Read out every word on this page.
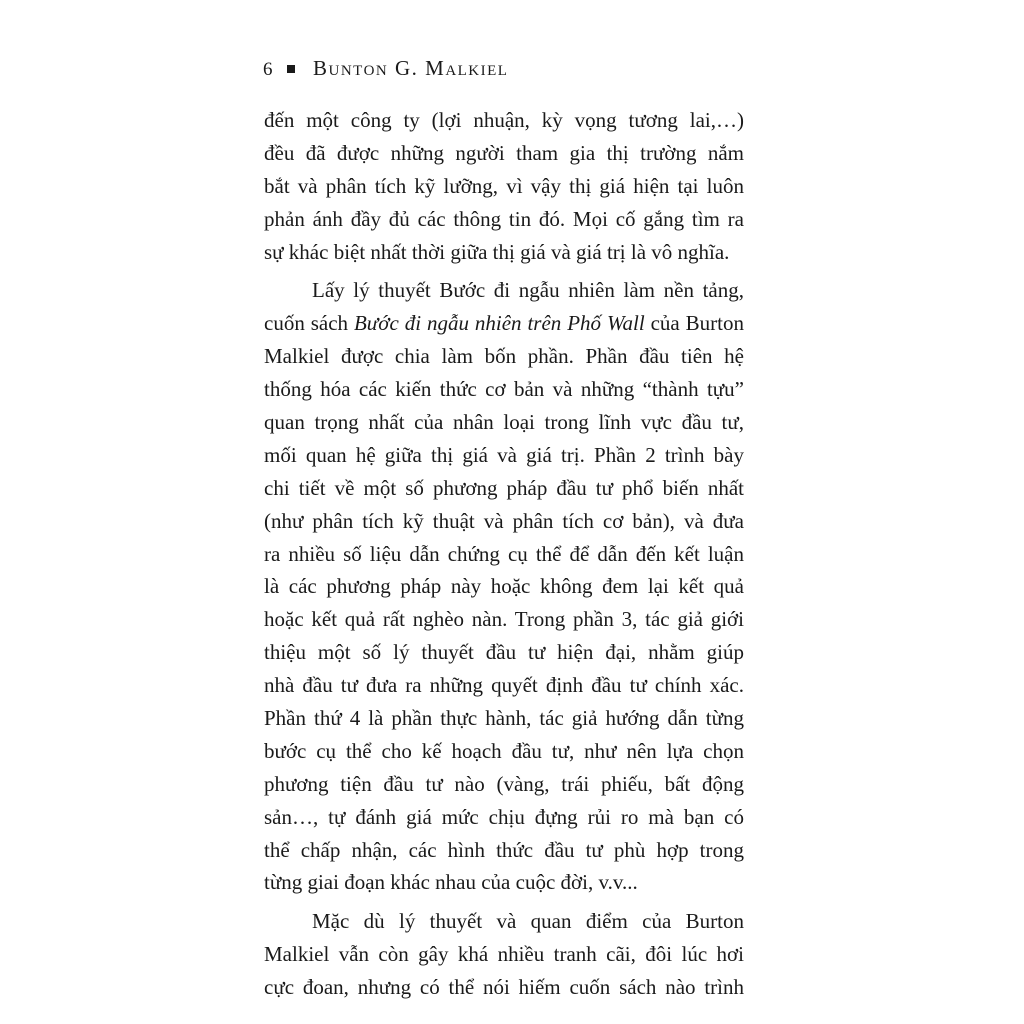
6 Bunton G. Malkiel
đến một công ty (lợi nhuận, kỳ vọng tương lai,…)
đều đã được những người tham gia thị trường nắm
bắt và phân tích kỹ lưỡng, vì vậy thị giá hiện tại luôn
phản ánh đầy đủ các thông tin đó. Mọi cố gắng tìm ra
sự khác biệt nhất thời giữa thị giá và giá trị là vô nghĩa.
Lấy lý thuyết Bước đi ngẫu nhiên làm nền tảng,
cuốn sách Bước đi ngẫu nhiên trên Phố Wall của Burton
Malkiel được chia làm bốn phần. Phần đầu tiên hệ
thống hóa các kiến thức cơ bản và những “thành tựu”
quan trọng nhất của nhân loại trong lĩnh vực đầu tư,
mối quan hệ giữa thị giá và giá trị. Phần 2 trình bày
chi tiết về một số phương pháp đầu tư phổ biến nhất
(như phân tích kỹ thuật và phân tích cơ bản), và đưa
ra nhiều số liệu dẫn chứng cụ thể để dẫn đến kết luận
là các phương pháp này hoặc không đem lại kết quả
hoặc kết quả rất nghèo nàn. Trong phần 3, tác giả giới
thiệu một số lý thuyết đầu tư hiện đại, nhằm giúp
nhà đầu tư đưa ra những quyết định đầu tư chính xác.
Phần thứ 4 là phần thực hành, tác giả hướng dẫn từng
bước cụ thể cho kế hoạch đầu tư, như nên lựa chọn
phương tiện đầu tư nào (vàng, trái phiếu, bất động
sản…, tự đánh giá mức chịu đựng rủi ro mà bạn có
thể chấp nhận, các hình thức đầu tư phù hợp trong
từng giai đoạn khác nhau của cuộc đời, v.v...
Mặc dù lý thuyết và quan điểm của Burton
Malkiel vẫn còn gây khá nhiều tranh cãi, đôi lúc hơi
cực đoan, nhưng có thể nói hiếm cuốn sách nào trình
